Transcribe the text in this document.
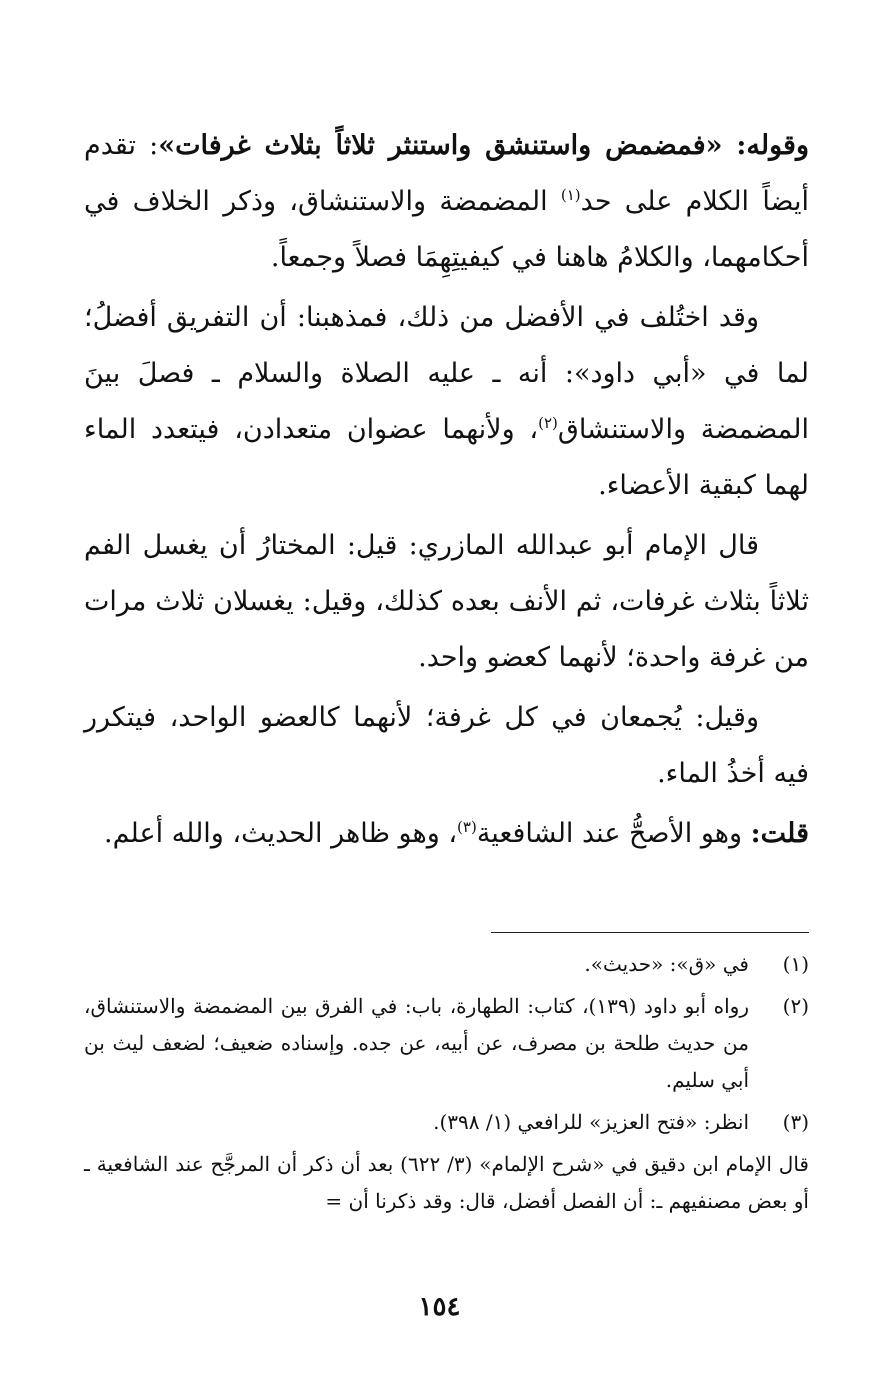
وقوله: «فمضمض واستنشق واستنثر ثلاثاً بثلاث غرفات»: تقدم أيضاً الكلام على حد$^{(١)}$ المضمضة والاستنشاق، وذكر الخلاف في أحكامهما، والكلامُ هاهنا في كيفيتِهِمَا فصلاً وجمعاً.

وقد اختُلف في الأفضل من ذلك، فمذهبنا: أن التفريق أفضلُ؛ لما في «أبي داود»: أنه ـ عليه الصلاة والسلام ـ فصلَ بينَ المضمضة والاستنشاق$^{(٢)}$، ولأنهما عضوان متعدادن، فيتعدد الماء لهما كبقية الأعضاء.

قال الإمام أبو عبدالله المازري: قيل: المختارُ أن يغسل الفم ثلاثاً بثلاث غرفات، ثم الأنف بعده كذلك، وقيل: يغسلان ثلاث مرات من غرفة واحدة؛ لأنهما كعضو واحد.

وقيل: يُجمعان في كل غرفة؛ لأنهما كالعضو الواحد، فيتكرر فيه أخذُ الماء.

قلت: وهو الأصحُّ عند الشافعية$^{(٣)}$، وهو ظاهر الحديث، والله أعلم.

(١)
في «ق»: «حديث».
(٢)
رواه أبو داود (١٣٩)، كتاب: الطهارة، باب: في الفرق بين المضمضة والاستنشاق، من حديث طلحة بن مصرف، عن أبيه، عن جده. وإسناده ضعيف؛ لضعف ليث بن أبي سليم.
(٣)
انظر: «فتح العزيز» للرافعي (١/ ٣٩٨).

قال الإمام ابن دقيق في «شرح الإلمام» (٣/ ٦٢٢) بعد أن ذكر أن المرجَّح عند الشافعية ـ أو بعض مصنفيهم ـ: أن الفصل أفضل، قال: وقد ذكرنا أن =

١٥٤
